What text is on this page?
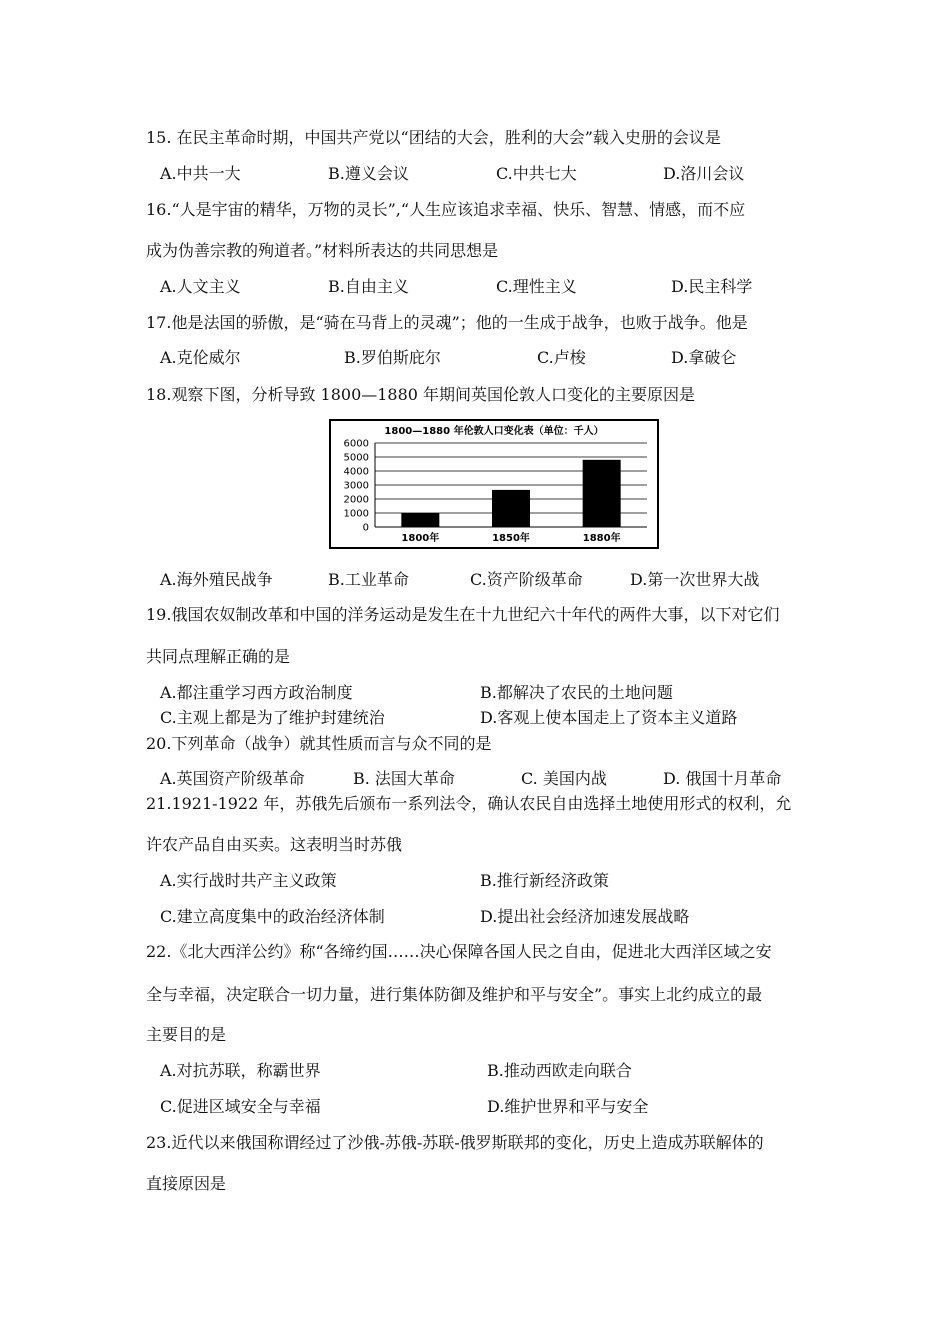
15. 在民主革命时期，中国共产党以“团结的大会，胜利的大会”载入史册的会议是
A.中共一大	B.遵义会议	C.中共七大	D.洛川会议
16.“人是宇宙的精华，万物的灵长”,“人生应该追求幸福、快乐、智慧、情感，而不应
成为伪善宗教的殉道者。”材料所表达的共同思想是
A.人文主义	B.自由主义	C.理性主义	D.民主科学
17.他是法国的骄傲，是“骑在马背上的灵魂”；他的一生成于战争，也败于战争。他是
A.克伦威尔	B.罗伯斯庇尔	C.卢梭	D.拿破仑
18.观察下图，分析导致 1800—1880 年期间英国伦敦人口变化的主要原因是
1800—1880 年伦敦人口变化表（单位：千人）
6000
5000
4000
3000
2000
1000
0
1800年	1850年	1880年
A.海外殖民战争	B.工业革命	C.资产阶级革命	D.第一次世界大战
19.俄国农奴制改革和中国的洋务运动是发生在十九世纪六十年代的两件大事，以下对它们
共同点理解正确的是
A.都注重学习西方政治制度	B.都解决了农民的土地问题
C.主观上都是为了维护封建统治	D.客观上使本国走上了资本主义道路
20.下列革命（战争）就其性质而言与众不同的是
A.英国资产阶级革命	B. 法国大革命	C. 美国内战	D. 俄国十月革命
21.1921-1922 年，苏俄先后颁布一系列法令，确认农民自由选择土地使用形式的权利，允
许农产品自由买卖。这表明当时苏俄
A.实行战时共产主义政策	B.推行新经济政策
C.建立高度集中的政治经济体制	D.提出社会经济加速发展战略
22.《北大西洋公约》称“各缔约国……决心保障各国人民之自由，促进北大西洋区域之安
全与幸福，决定联合一切力量，进行集体防御及维护和平与安全”。事实上北约成立的最
主要目的是
A.对抗苏联，称霸世界	B.推动西欧走向联合
C.促进区域安全与幸福	D.维护世界和平与安全
23.近代以来俄国称谓经过了沙俄-苏俄-苏联-俄罗斯联邦的变化，历史上造成苏联解体的
直接原因是
